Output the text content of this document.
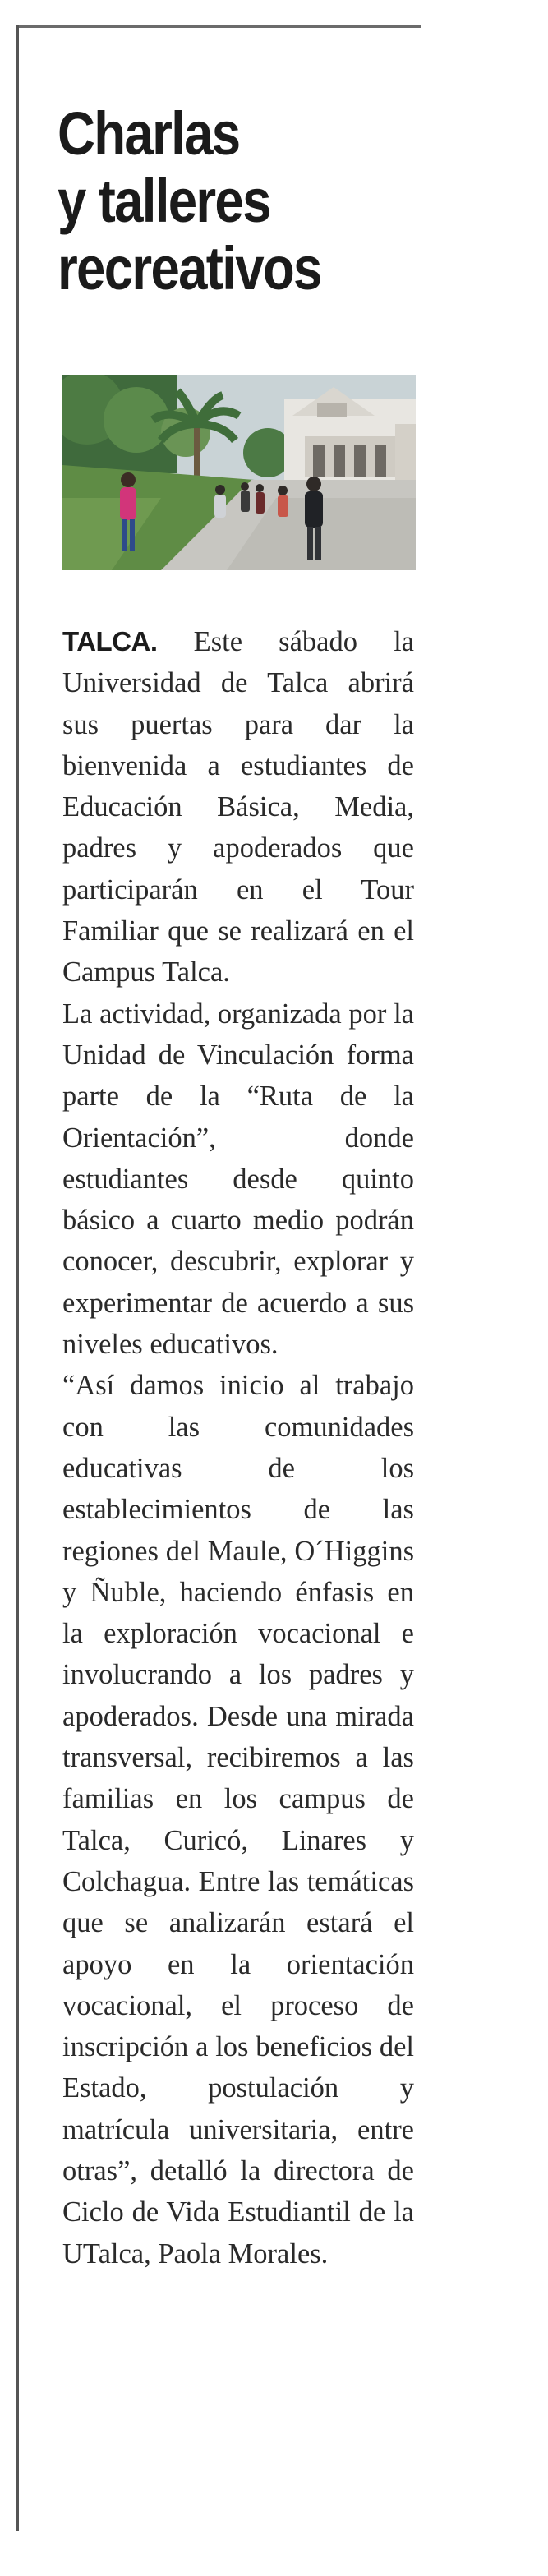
Charlas
y talleres
recreativos

TALCA. Este sábado la Universidad de Talca abrirá sus puertas para dar la bienvenida a estudiantes de Educación Básica, Media, padres y apoderados que participarán en el Tour Familiar que se realizará en el Campus Talca.

La actividad, organizada por la Unidad de Vinculación forma parte de la “Ruta de la Orientación”, donde estudiantes desde quinto básico a cuarto medio podrán conocer, descubrir, explorar y experimentar de acuerdo a sus niveles educativos.

“Así damos inicio al trabajo con las comunidades educativas de los establecimientos de las regiones del Maule, O´Higgins y Ñuble, haciendo énfasis en la exploración vocacional e involucrando a los padres y apoderados. Desde una mirada transversal, recibiremos a las familias en los campus de Talca, Curicó, Linares y Colchagua. Entre las temáticas que se analizarán estará el apoyo en la orientación vocacional, el proceso de inscripción a los beneficios del Estado, postulación y matrícula universitaria, entre otras”, detalló la directora de Ciclo de Vida Estudiantil de la UTalca, Paola Morales.
